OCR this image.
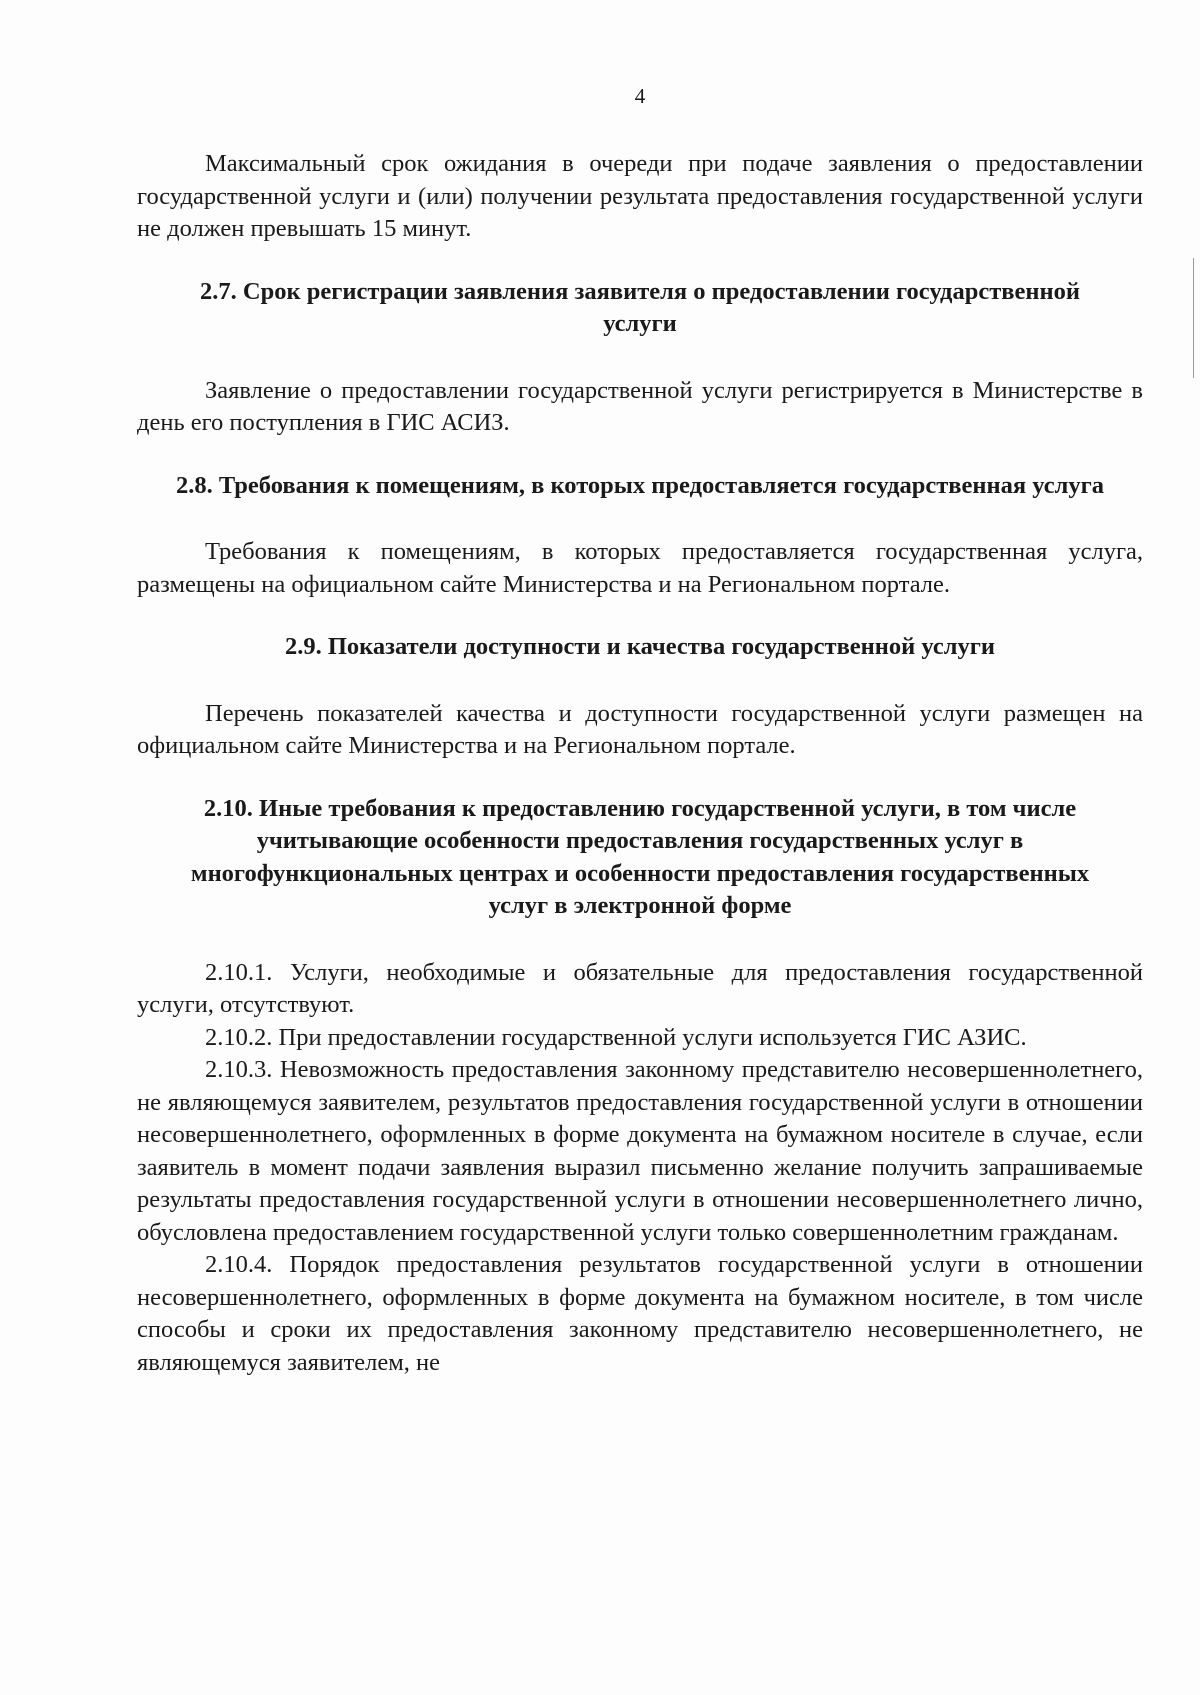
4

Максимальный срок ожидания в очереди при подаче заявления о предоставлении государственной услуги и (или) получении результата предоставления государственной услуги не должен превышать 15 минут.

2.7. Срок регистрации заявления заявителя о предоставлении государственной услуги

Заявление о предоставлении государственной услуги регистрируется в Министерстве в день его поступления в ГИС АСИЗ.

2.8. Требования к помещениям, в которых предоставляется государственная услуга

Требования к помещениям, в которых предоставляется государственная услуга, размещены на официальном сайте Министерства и на Региональном портале.

2.9. Показатели доступности и качества государственной услуги

Перечень показателей качества и доступности государственной услуги размещен на официальном сайте Министерства и на Региональном портале.

2.10. Иные требования к предоставлению государственной услуги, в том числе учитывающие особенности предоставления государственных услуг в многофункциональных центрах и особенности предоставления государственных услуг в электронной форме

2.10.1. Услуги, необходимые и обязательные для предоставления государственной услуги, отсутствуют.

2.10.2. При предоставлении государственной услуги используется ГИС АЗИС.

2.10.3. Невозможность предоставления законному представителю несовершеннолетнего, не являющемуся заявителем, результатов предоставления государственной услуги в отношении несовершеннолетнего, оформленных в форме документа на бумажном носителе в случае, если заявитель в момент подачи заявления выразил письменно желание получить запрашиваемые результаты предоставления государственной услуги в отношении несовершеннолетнего лично, обусловлена предоставлением государственной услуги только совершеннолетним гражданам.

2.10.4. Порядок предоставления результатов государственной услуги в отношении несовершеннолетнего, оформленных в форме документа на бумажном носителе, в том числе способы и сроки их предоставления законному представителю несовершеннолетнего, не являющемуся заявителем, не
